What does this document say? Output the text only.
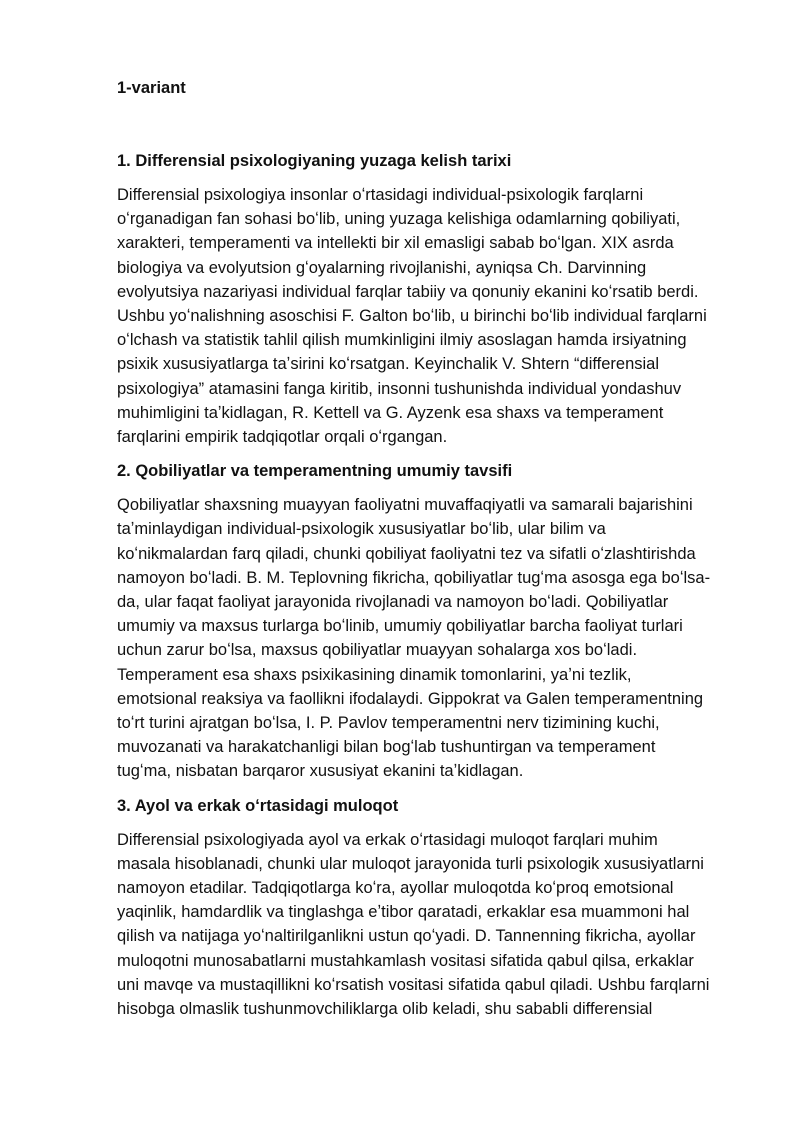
1-variant
1. Differensial psixologiyaning yuzaga kelish tarixi
Differensial psixologiya insonlar oʻrtasidagi individual-psixologik farqlarni
oʻrganadigan fan sohasi boʻlib, uning yuzaga kelishiga odamlarning qobiliyati,
xarakteri, temperamenti va intellekti bir xil emasligi sabab boʻlgan. XIX asrda
biologiya va evolyutsion gʻoyalarning rivojlanishi, ayniqsa Ch. Darvinning
evolyutsiya nazariyasi individual farqlar tabiiy va qonuniy ekanini koʻrsatib berdi.
Ushbu yoʻnalishning asoschisi F. Galton boʻlib, u birinchi boʻlib individual farqlarni
oʻlchash va statistik tahlil qilish mumkinligini ilmiy asoslagan hamda irsiyatning
psixik xususiyatlarga taʼsirini koʻrsatgan. Keyinchalik V. Shtern “differensial
psixologiya” atamasini fanga kiritib, insonni tushunishda individual yondashuv
muhimligini taʼkidlagan, R. Kettell va G. Ayzenk esa shaxs va temperament
farqlarini empirik tadqiqotlar orqali oʻrgangan.
2. Qobiliyatlar va temperamentning umumiy tavsifi
Qobiliyatlar shaxsning muayyan faoliyatni muvaffaqiyatli va samarali bajarishini
taʼminlaydigan individual-psixologik xususiyatlar boʻlib, ular bilim va
koʻnikmalardan farq qiladi, chunki qobiliyat faoliyatni tez va sifatli oʻzlashtirishda
namoyon boʻladi. B. M. Teplovning fikricha, qobiliyatlar tugʻma asosga ega boʻlsa-
da, ular faqat faoliyat jarayonida rivojlanadi va namoyon boʻladi. Qobiliyatlar
umumiy va maxsus turlarga boʻlinib, umumiy qobiliyatlar barcha faoliyat turlari
uchun zarur boʻlsa, maxsus qobiliyatlar muayyan sohalarga xos boʻladi.
Temperament esa shaxs psixikasining dinamik tomonlarini, yaʼni tezlik,
emotsional reaksiya va faollikni ifodalaydi. Gippokrat va Galen temperamentning
toʻrt turini ajratgan boʻlsa, I. P. Pavlov temperamentni nerv tizimining kuchi,
muvozanati va harakatchanligi bilan bogʻlab tushuntirgan va temperament
tugʻma, nisbatan barqaror xususiyat ekanini taʼkidlagan.
3. Ayol va erkak oʻrtasidagi muloqot
Differensial psixologiyada ayol va erkak oʻrtasidagi muloqot farqlari muhim
masala hisoblanadi, chunki ular muloqot jarayonida turli psixologik xususiyatlarni
namoyon etadilar. Tadqiqotlarga koʻra, ayollar muloqotda koʻproq emotsional
yaqinlik, hamdardlik va tinglashga eʼtibor qaratadi, erkaklar esa muammoni hal
qilish va natijaga yoʻnaltirilganlikni ustun qoʻyadi. D. Tannenning fikricha, ayollar
muloqotni munosabatlarni mustahkamlash vositasi sifatida qabul qilsa, erkaklar
uni mavqe va mustaqillikni koʻrsatish vositasi sifatida qabul qiladi. Ushbu farqlarni
hisobga olmaslik tushunmovchiliklarga olib keladi, shu sababli differensial
